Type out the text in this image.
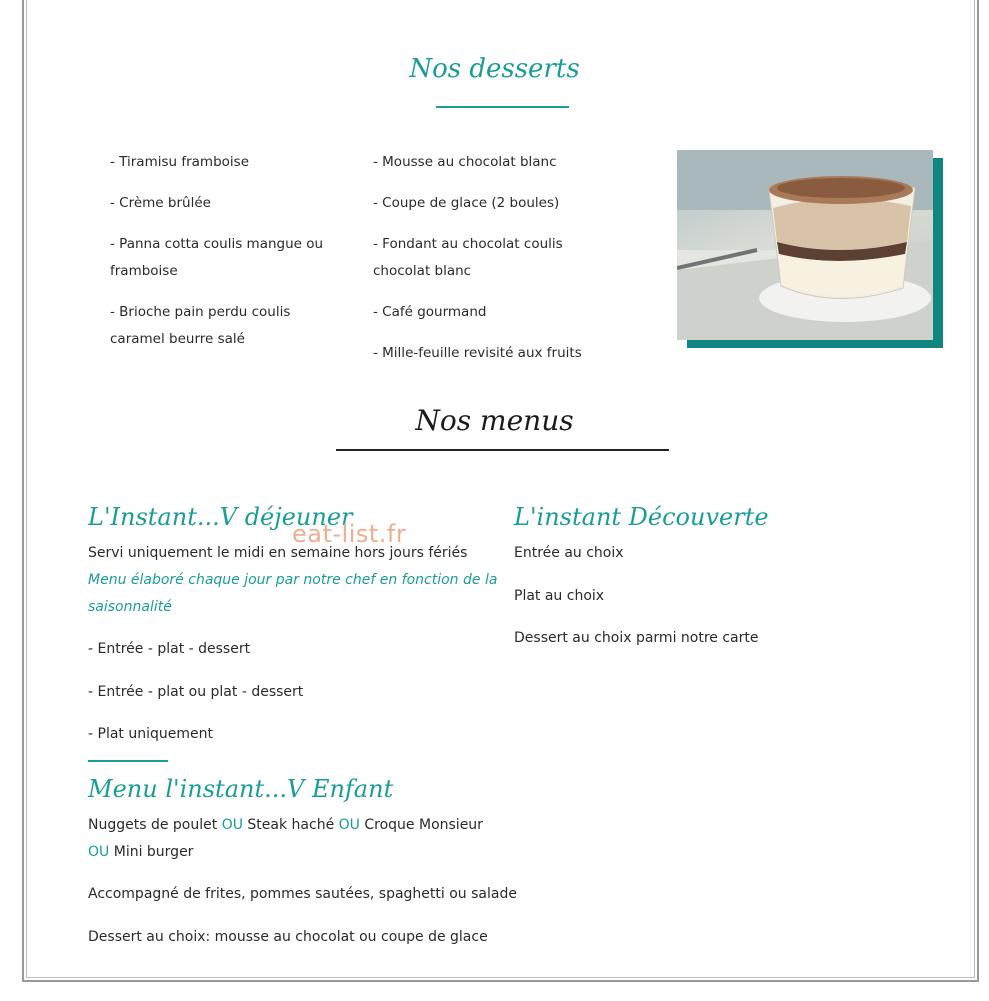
Nos desserts
- Tiramisu framboise
- Crème brûlée
- Panna cotta coulis mangue ou framboise
- Brioche pain perdu coulis caramel beurre salé
- Mousse au chocolat blanc
- Coupe de glace (2 boules)
- Fondant au chocolat coulis chocolat blanc
- Café gourmand
- Mille-feuille revisité aux fruits
Nos menus
L'Instant...V déjeuner
eat-list.fr

Servi uniquement le midi en semaine hors jours fériés

Menu élaboré chaque jour par notre chef en fonction de la saisonnalité

- Entrée - plat - dessert

- Entrée - plat ou plat - dessert

- Plat uniquement

L'instant Découverte

Entrée au choix

Plat au choix

Dessert au choix parmi notre carte

Menu l'instant...V Enfant

Nuggets de poulet OU Steak haché OU Croque Monsieur
OU Mini burger

Accompagné de frites, pommes sautées, spaghetti ou salade

Dessert au choix: mousse au chocolat ou coupe de glace
